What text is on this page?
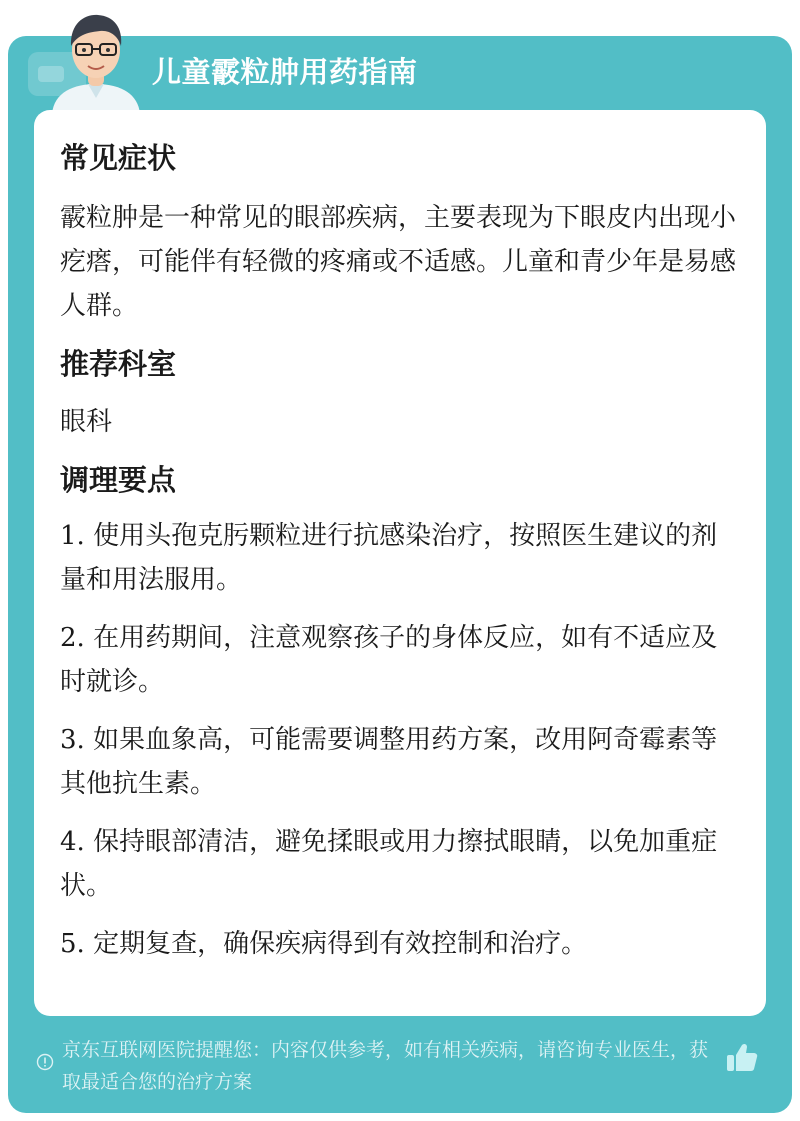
儿童霰粒肿用药指南
常见症状

霰粒肿是一种常见的眼部疾病，主要表现为下眼皮内出现小疙瘩，可能伴有轻微的疼痛或不适感。儿童和青少年是易感人群。

推荐科室

眼科

调理要点

1. 使用头孢克肟颗粒进行抗感染治疗，按照医生建议的剂量和用法服用。

2. 在用药期间，注意观察孩子的身体反应，如有不适应及时就诊。

3. 如果血象高，可能需要调整用药方案，改用阿奇霉素等其他抗生素。

4. 保持眼部清洁，避免揉眼或用力擦拭眼睛，以免加重症状。

5. 定期复查，确保疾病得到有效控制和治疗。

京东互联网医院提醒您：内容仅供参考，如有相关疾病，请咨询专业医生，获取最适合您的治疗方案
